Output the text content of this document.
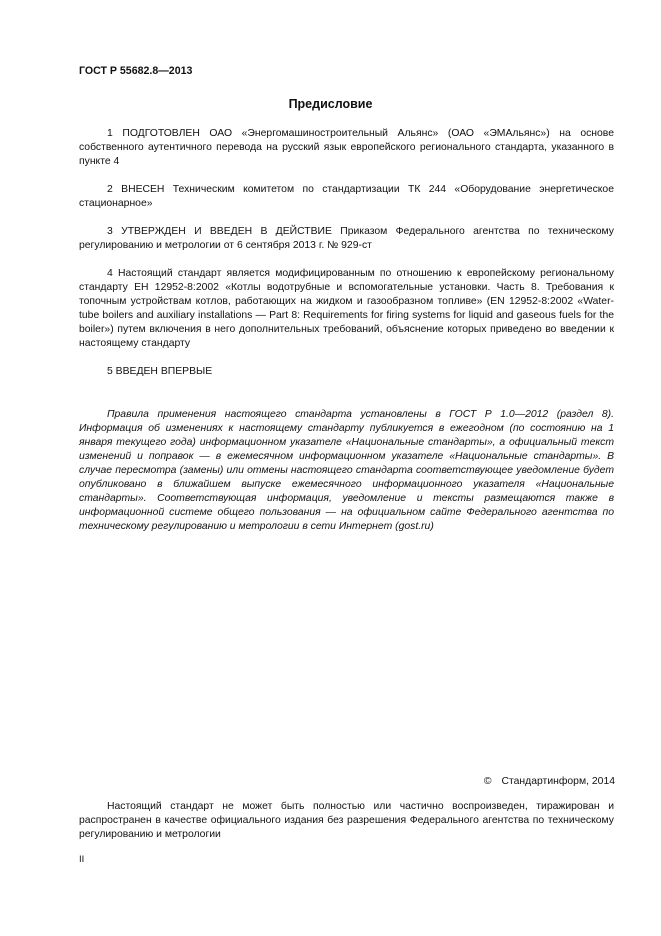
ГОСТ Р 55682.8—2013
Предисловие

1 ПОДГОТОВЛЕН ОАО «Энергомашиностроительный Альянс» (ОАО «ЭМАльянс») на основе собственного аутентичного перевода на русский язык европейского регионального стандарта, указанного в пункте 4

2 ВНЕСЕН Техническим комитетом по стандартизации ТК 244 «Оборудование энергетическое стационарное»

3 УТВЕРЖДЕН И ВВЕДЕН В ДЕЙСТВИЕ Приказом Федерального агентства по техническому регулированию и метрологии от 6 сентября 2013 г. № 929-ст

4 Настоящий стандарт является модифицированным по отношению к европейскому региональному стандарту ЕН 12952-8:2002 «Котлы водотрубные и вспомогательные установки. Часть 8. Требования к топочным устройствам котлов, работающих на жидком и газообразном топливе» (EN 12952-8:2002 «Water-tube boilers and auxiliary installations — Part 8: Requirements for firing systems for liquid and gaseous fuels for the boiler») путем включения в него дополнительных требований, объяснение которых приведено во введении к настоящему стандарту

5 ВВЕДЕН ВПЕРВЫЕ

Правила применения настоящего стандарта установлены в ГОСТ Р 1.0—2012 (раздел 8). Информация об изменениях к настоящему стандарту публикуется в ежегодном (по состоянию на 1 января текущего года) информационном указателе «Национальные стандарты», а официальный текст изменений и поправок — в ежемесячном информационном указателе «Национальные стандарты». В случае пересмотра (замены) или отмены настоящего стандарта соответствующее уведомление будет опубликовано в ближайшем выпуске ежемесячного информационного указателя «Национальные стандарты». Соответствующая информация, уведомление и тексты размещаются также в информационной системе общего пользования — на официальном сайте Федерального агентства по техническому регулированию и метрологии в сети Интернет (gost.ru)

© Стандартинформ, 2014

Настоящий стандарт не может быть полностью или частично воспроизведен, тиражирован и распространен в качестве официального издания без разрешения Федерального агентства по техническому регулированию и метрологии

II
